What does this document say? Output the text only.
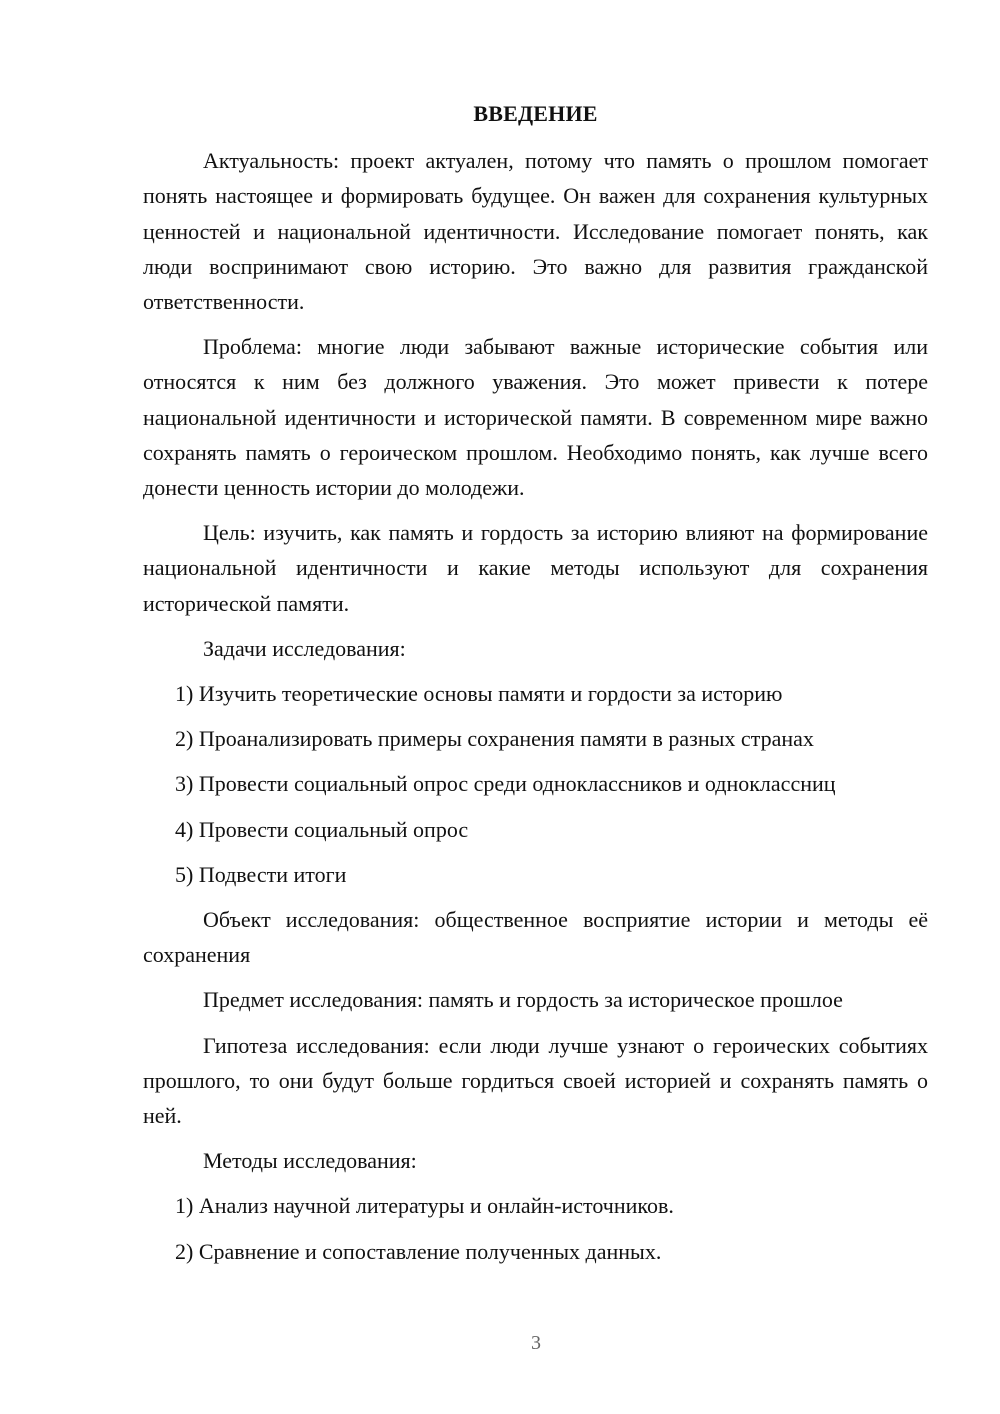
ВВЕДЕНИЕ

Актуальность: проект актуален, потому что память о прошлом помогает понять настоящее и формировать будущее. Он важен для сохранения культурных ценностей и национальной идентичности. Исследование помогает понять, как люди воспринимают свою историю. Это важно для развития гражданской ответственности.

Проблема: многие люди забывают важные исторические события или относятся к ним без должного уважения. Это может привести к потере национальной идентичности и исторической памяти. В современном мире важно сохранять память о героическом прошлом. Необходимо понять, как лучше всего донести ценность истории до молодежи.

Цель: изучить, как память и гордость за историю влияют на формирование национальной идентичности и какие методы используют для сохранения исторической памяти.

Задачи исследования:

1) Изучить теоретические основы памяти и гордости за историю
2) Проанализировать примеры сохранения памяти в разных странах
3) Провести социальный опрос среди одноклассников и одноклассниц
4) Провести социальный опрос
5) Подвести итоги

Объект исследования: общественное восприятие истории и методы её сохранения

Предмет исследования: память и гордость за историческое прошлое

Гипотеза исследования: если люди лучше узнают о героических событиях прошлого, то они будут больше гордиться своей историей и сохранять память о ней.

Методы исследования:

1) Анализ научной литературы и онлайн-источников.
2) Сравнение и сопоставление полученных данных.
3
